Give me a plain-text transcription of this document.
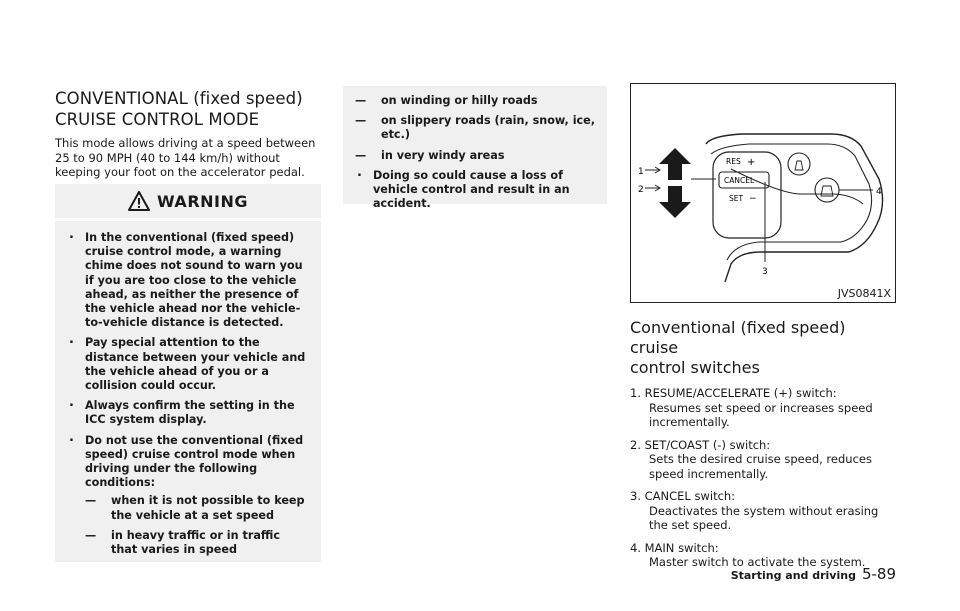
CONVENTIONAL (fixed speed)
CRUISE CONTROL MODE

This mode allows driving at a speed between 25 to 90 MPH (40 to 144 km/h) without keeping your foot on the accelerator pedal.

WARNING
. In the conventional (fixed speed) cruise control mode, a warning chime does not sound to warn you if you are too close to the vehicle ahead, as neither the presence of the vehicle ahead nor the vehicle-to-vehicle distance is detected.
. Pay special attention to the distance between your vehicle and the vehicle ahead of you or a collision could occur.
. Always confirm the setting in the ICC system display.
. Do not use the conventional (fixed speed) cruise control mode when driving under the following conditions:
— when it is not possible to keep the vehicle at a set speed
— in heavy traffic or in traffic that varies in speed
— on winding or hilly roads
— on slippery roads (rain, snow, ice, etc.)
— in very windy areas
. Doing so could cause a loss of vehicle control and result in an accident.
RES +
CANCEL
SET −
1
2
3
4
JVS0841X
Conventional (fixed speed) cruise
control switches
1. RESUME/ACCELERATE (+) switch:
Resumes set speed or increases speed incrementally.
2. SET/COAST (-) switch:
Sets the desired cruise speed, reduces speed incrementally.
3. CANCEL switch:
Deactivates the system without erasing the set speed.
4. MAIN switch:
Master switch to activate the system.
Starting and driving 5-89
